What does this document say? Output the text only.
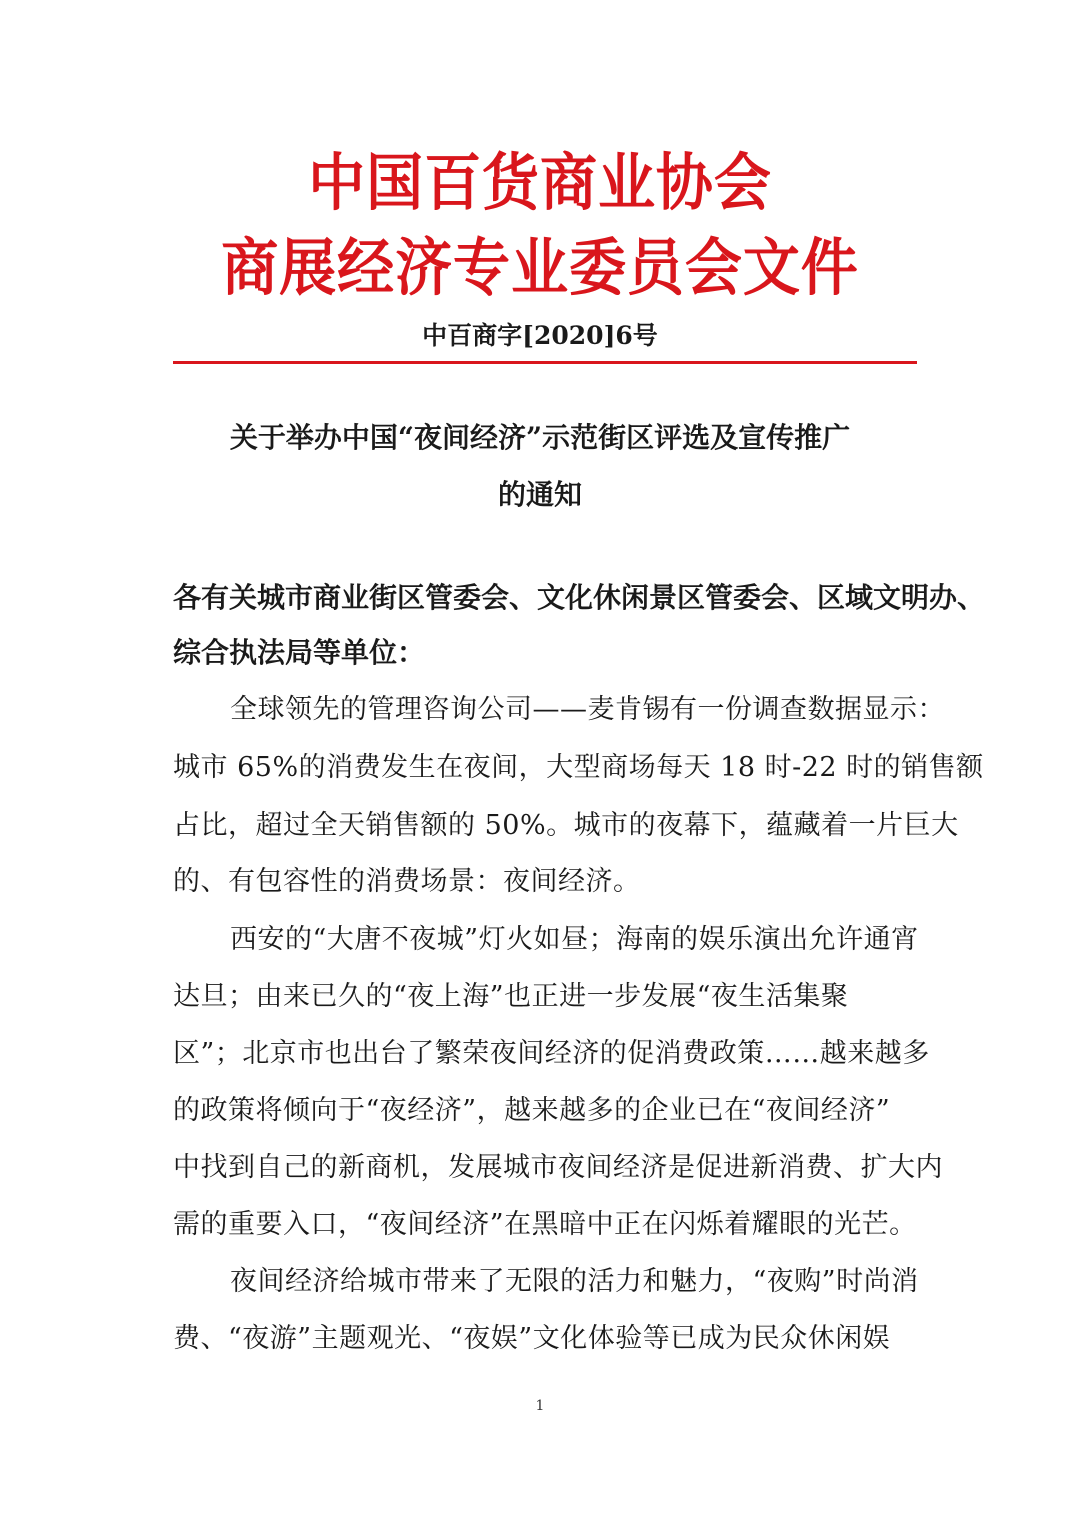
中国百货商业协会
商展经济专业委员会文件
中百商字[2020]6号
关于举办中国“夜间经济”示范街区评选及宣传推广
的通知
各有关城市商业街区管委会、文化休闲景区管委会、区域文明办、
综合执法局等单位：
全球领先的管理咨询公司——麦肯锡有一份调查数据显示：
城市 65%的消费发生在夜间，大型商场每天 18 时-22 时的销售额
占比，超过全天销售额的 50%。城市的夜幕下，蕴藏着一片巨大
的、有包容性的消费场景：夜间经济。
西安的“大唐不夜城”灯火如昼；海南的娱乐演出允许通宵
达旦；由来已久的“夜上海”也正进一步发展“夜生活集聚
区”；北京市也出台了繁荣夜间经济的促消费政策……越来越多
的政策将倾向于“夜经济”，越来越多的企业已在“夜间经济”
中找到自己的新商机，发展城市夜间经济是促进新消费、扩大内
需的重要入口，“夜间经济”在黑暗中正在闪烁着耀眼的光芒。
夜间经济给城市带来了无限的活力和魅力，“夜购”时尚消
费、“夜游”主题观光、“夜娱”文化体验等已成为民众休闲娱
1
